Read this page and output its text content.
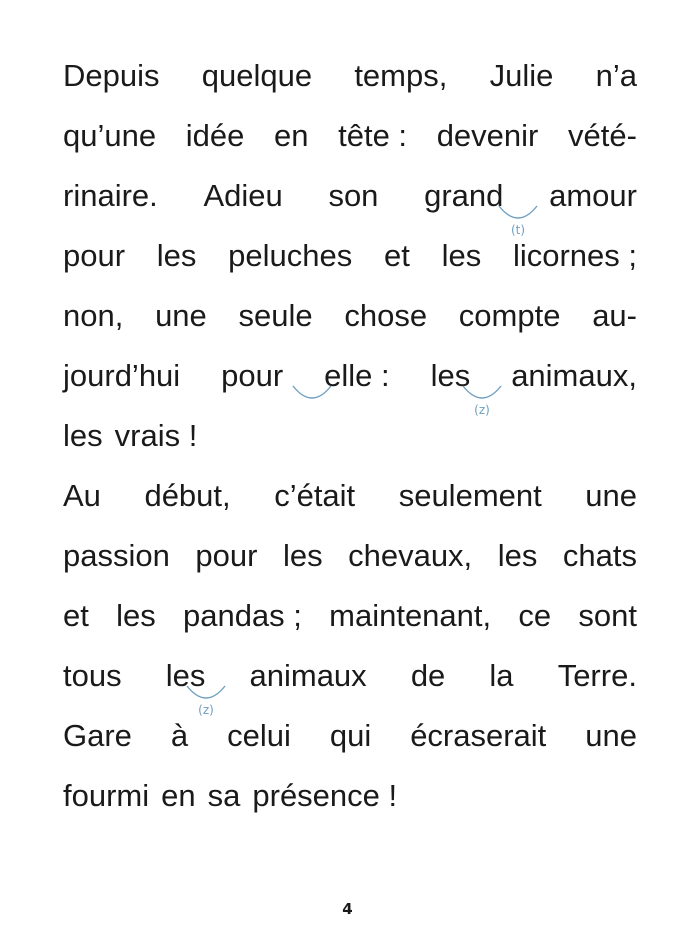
Depuis quelque temps, Julie n’a
qu’une idée en tête : devenir vété-
rinaire. Adieu son grand amour
pour les peluches et les licornes ;
non, une seule chose compte au-
jourd’hui pour elle : les animaux,
les vrais !
Au début, c’était seulement une
passion pour les chevaux, les chats
et les pandas ; maintenant, ce sont
tous les animaux de la Terre.
Gare à celui qui écraserait une
fourmi en sa présence !
(t)
(z)
(z)
4
